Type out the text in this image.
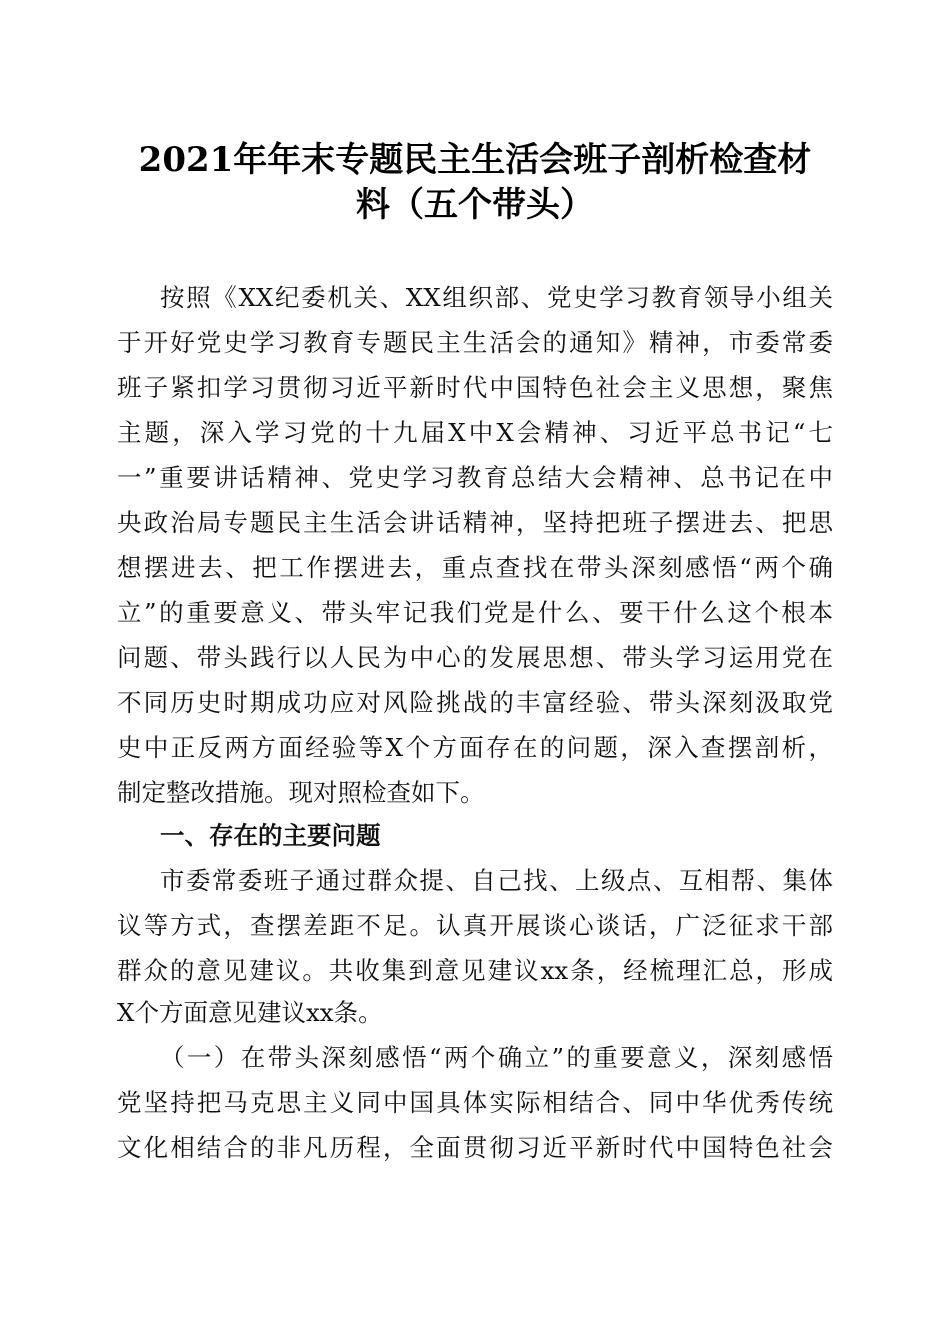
2021年年末专题民主生活会班子剖析检查材
料（五个带头）
按照《XX纪委机关、XX组织部、党史学习教育领导小组关
于开好党史学习教育专题民主生活会的通知》精神，市委常委
班子紧扣学习贯彻习近平新时代中国特色社会主义思想，聚焦
主题，深入学习党的十九届X中X会精神、习近平总书记“七
一”重要讲话精神、党史学习教育总结大会精神、总书记在中
央政治局专题民主生活会讲话精神，坚持把班子摆进去、把思
想摆进去、把工作摆进去，重点查找在带头深刻感悟“两个确
立”的重要意义、带头牢记我们党是什么、要干什么这个根本
问题、带头践行以人民为中心的发展思想、带头学习运用党在
不同历史时期成功应对风险挑战的丰富经验、带头深刻汲取党
史中正反两方面经验等X个方面存在的问题，深入查摆剖析，
制定整改措施。现对照检查如下。
一、存在的主要问题
市委常委班子通过群众提、自己找、上级点、互相帮、集体
议等方式，查摆差距不足。认真开展谈心谈话，广泛征求干部
群众的意见建议。共收集到意见建议xx条，经梳理汇总，形成
X个方面意见建议xx条。
（一）在带头深刻感悟“两个确立”的重要意义，深刻感悟
党坚持把马克思主义同中国具体实际相结合、同中华优秀传统
文化相结合的非凡历程，全面贯彻习近平新时代中国特色社会
